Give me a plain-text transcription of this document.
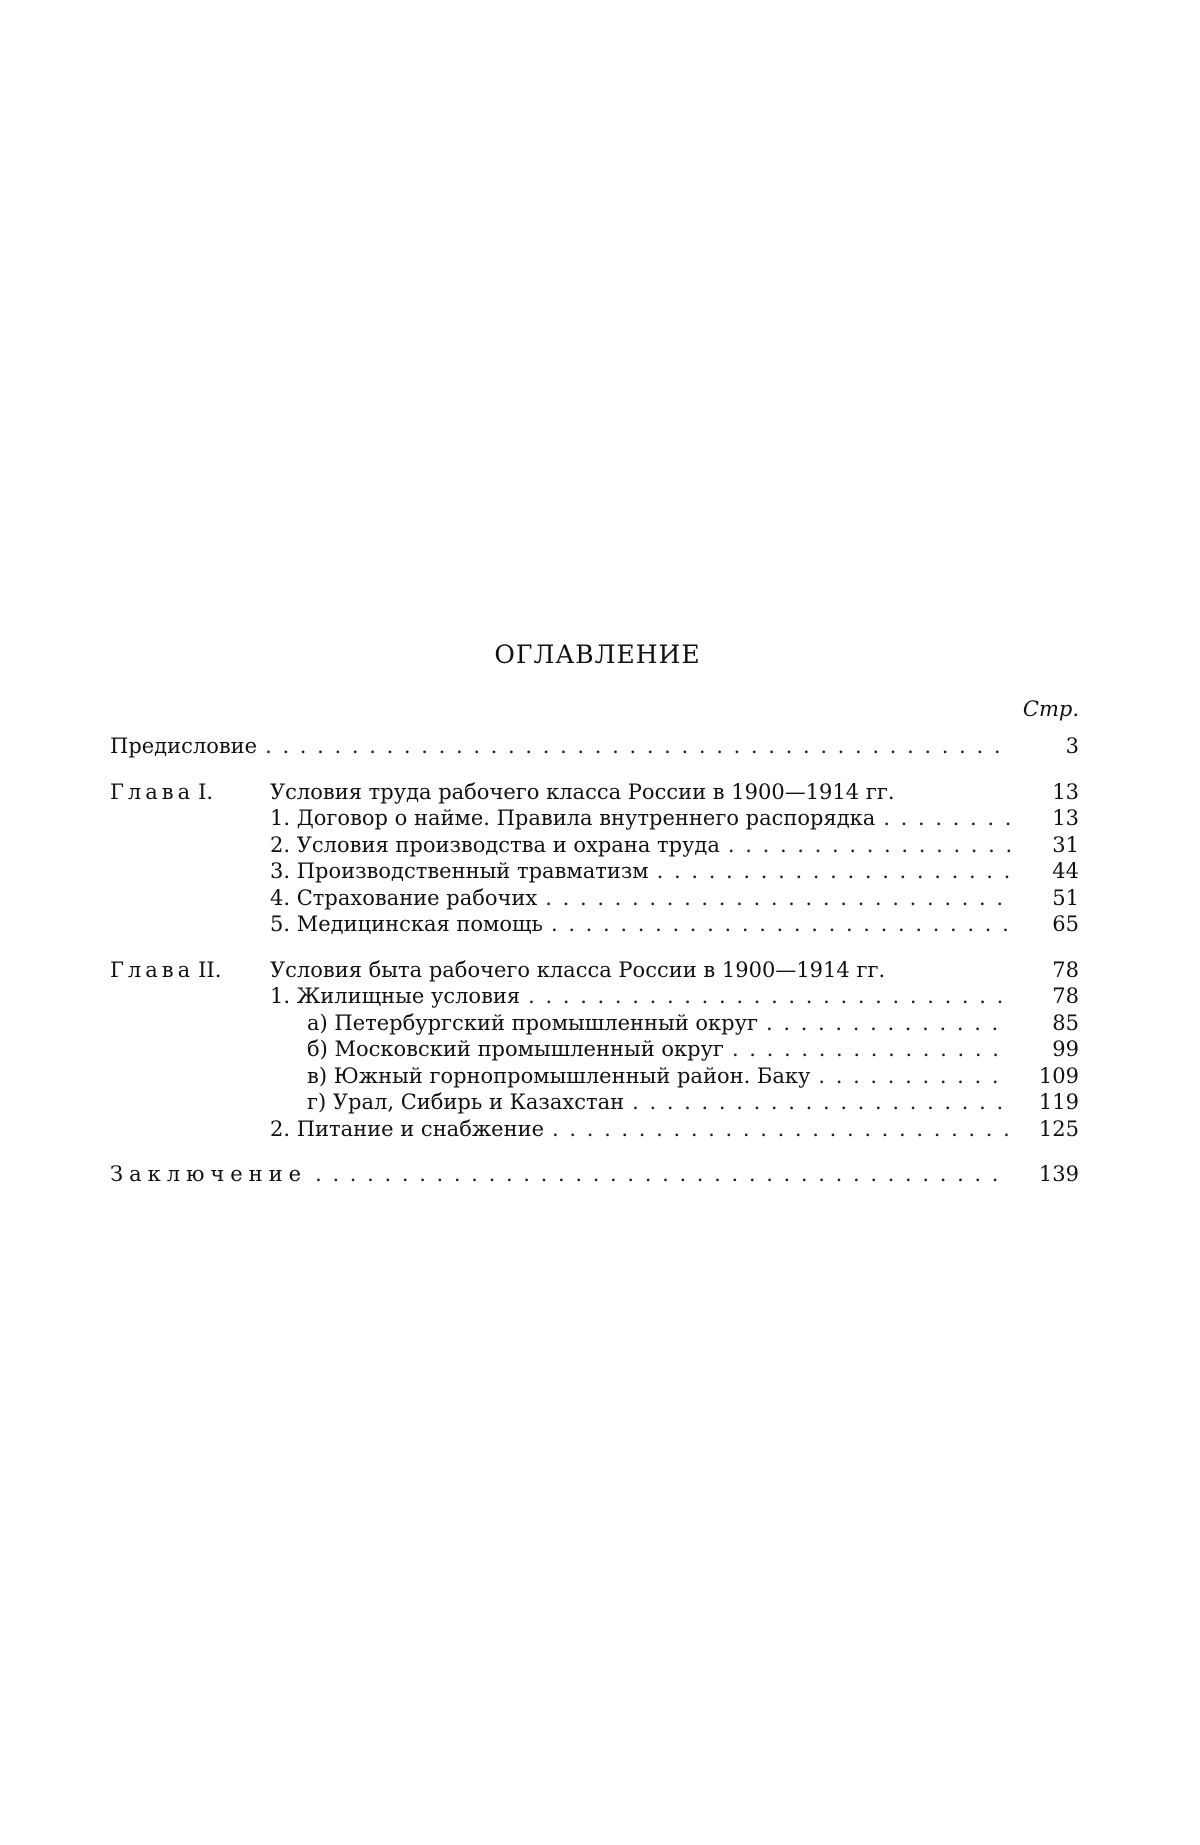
ОГЛАВЛЕНИЕ
Стр.
Предисловие . . .	3
Глава I.	Условия труда рабочего класса России в 1900—1914 гг.	13
1. Договор о найме. Правила внутреннего распорядка . . .	13
2. Условия производства и охрана труда . . .	31
3. Производственный травматизм . . .	44
4. Страхование рабочих . . .	51
5. Медицинская помощь . . .	65
Глава II.	Условия быта рабочего класса России в 1900—1914 гг.	78
1. Жилищные условия . . .	78
а) Петербургский промышленный округ . . .	85
б) Московский промышленный округ . . .	99
в) Южный горнопромышленный район. Баку . . .	109
г) Урал, Сибирь и Казахстан . . .	119
2. Питание и снабжение . . .	125
Заключение . . .	139
